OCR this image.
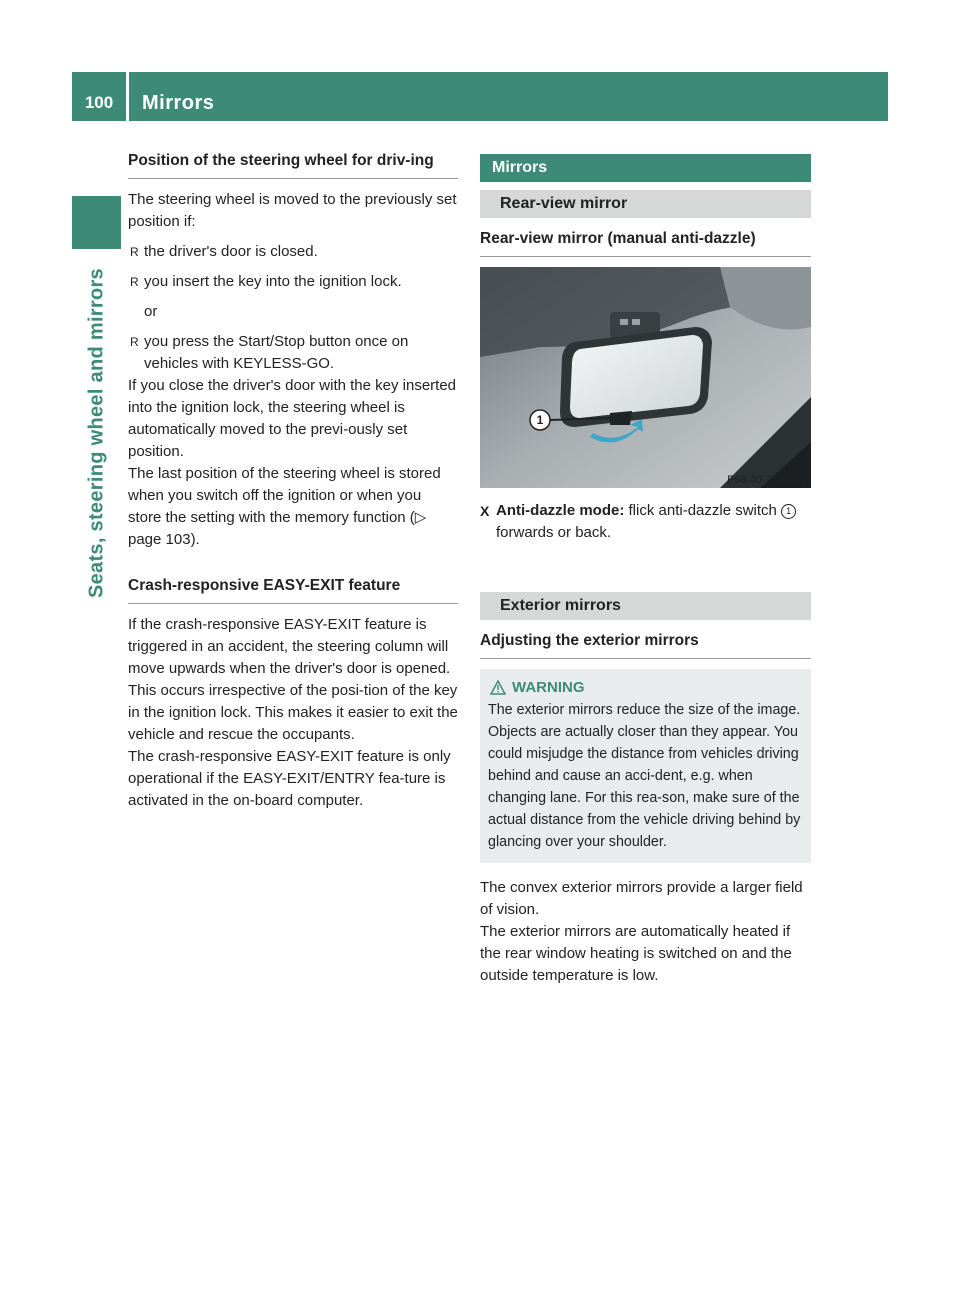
100	Mirrors
Seats, steering wheel and mirrors
Position of the steering wheel for driv-ing

The steering wheel is moved to the previously set position if:

R the driver's door is closed.
R you insert the key into the ignition lock.

or

R you press the Start/Stop button once on vehicles with KEYLESS-GO.

If you close the driver's door with the key inserted into the ignition lock, the steering wheel is automatically moved to the previ-ously set position.

The last position of the steering wheel is stored when you switch off the ignition or when you store the setting with the memory function (▷ page 103).

Crash-responsive EASY-EXIT feature

If the crash-responsive EASY-EXIT feature is triggered in an accident, the steering column will move upwards when the driver's door is opened. This occurs irrespective of the posi-tion of the key in the ignition lock. This makes it easier to exit the vehicle and rescue the occupants.

The crash-responsive EASY-EXIT feature is only operational if the EASY-EXIT/ENTRY fea-ture is activated in the on-board computer.

Mirrors
Rear-view mirror
Rear-view mirror (manual anti-dazzle)
1
P68.40-2188-31
X Anti-dazzle mode: flick anti-dazzle switch 1 forwards or back.
Exterior mirrors
Adjusting the exterior mirrors
WARNING

The exterior mirrors reduce the size of the image. Objects are actually closer than they appear. You could misjudge the distance from vehicles driving behind and cause an acci-dent, e.g. when changing lane. For this rea-son, make sure of the actual distance from the vehicle driving behind by glancing over your shoulder.

The convex exterior mirrors provide a larger field of vision.

The exterior mirrors are automatically heated if the rear window heating is switched on and the outside temperature is low.
